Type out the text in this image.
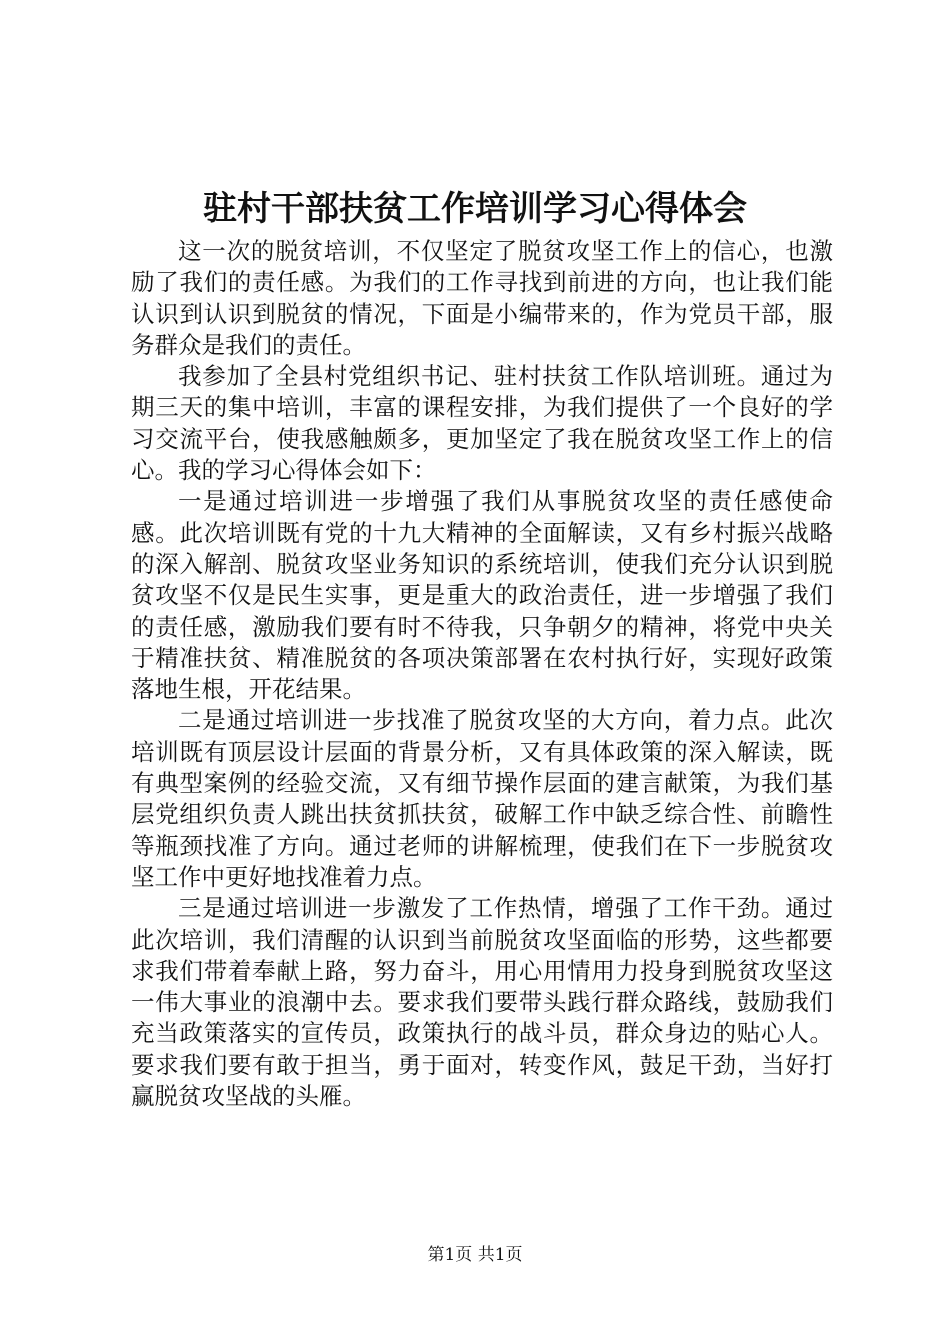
驻村干部扶贫工作培训学习心得体会

这一次的脱贫培训，不仅坚定了脱贫攻坚工作上的信心，也激励了我们的责任感。为我们的工作寻找到前进的方向，也让我们能认识到认识到脱贫的情况，下面是小编带来的，作为党员干部，服务群众是我们的责任。

我参加了全县村党组织书记、驻村扶贫工作队培训班。通过为期三天的集中培训，丰富的课程安排，为我们提供了一个良好的学习交流平台，使我感触颇多，更加坚定了我在脱贫攻坚工作上的信心。我的学习心得体会如下：

一是通过培训进一步增强了我们从事脱贫攻坚的责任感使命感。此次培训既有党的十九大精神的全面解读，又有乡村振兴战略的深入解剖、脱贫攻坚业务知识的系统培训，使我们充分认识到脱贫攻坚不仅是民生实事，更是重大的政治责任，进一步增强了我们的责任感，激励我们要有时不待我，只争朝夕的精神，将党中央关于精准扶贫、精准脱贫的各项决策部署在农村执行好，实现好政策落地生根，开花结果。

二是通过培训进一步找准了脱贫攻坚的大方向，着力点。此次培训既有顶层设计层面的背景分析，又有具体政策的深入解读，既有典型案例的经验交流，又有细节操作层面的建言献策，为我们基层党组织负责人跳出扶贫抓扶贫，破解工作中缺乏综合性、前瞻性等瓶颈找准了方向。通过老师的讲解梳理，使我们在下一步脱贫攻坚工作中更好地找准着力点。

三是通过培训进一步激发了工作热情，增强了工作干劲。通过此次培训，我们清醒的认识到当前脱贫攻坚面临的形势，这些都要求我们带着奉献上路，努力奋斗，用心用情用力投身到脱贫攻坚这一伟大事业的浪潮中去。要求我们要带头践行群众路线，鼓励我们充当政策落实的宣传员，政策执行的战斗员，群众身边的贴心人。要求我们要有敢于担当，勇于面对，转变作风，鼓足干劲，当好打赢脱贫攻坚战的头雁。

第1页 共1页
